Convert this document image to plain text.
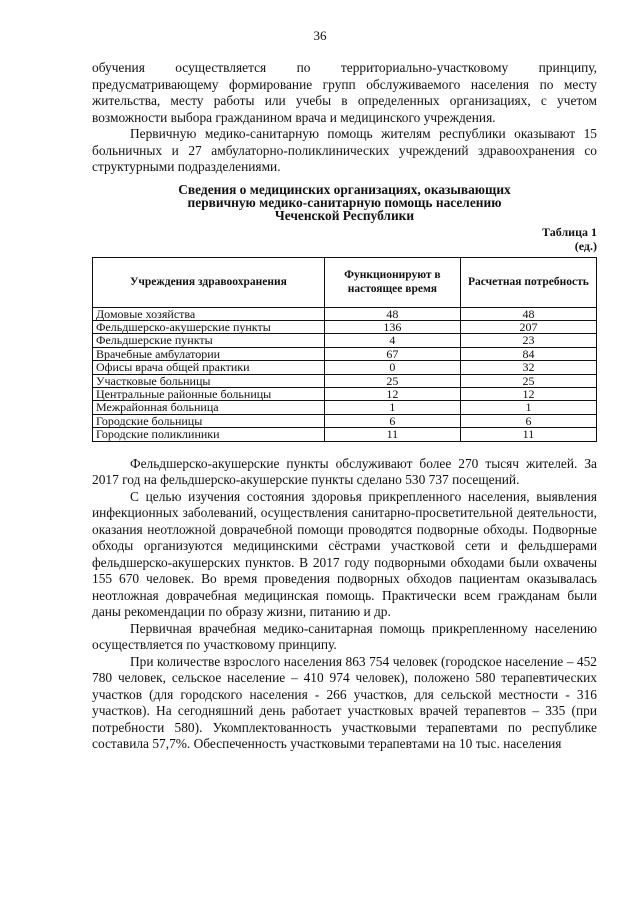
36

обучения осуществляется по территориально-участковому принципу, предусматривающему формирование групп обслуживаемого населения по месту жительства, месту работы или учебы в определенных организациях, с учетом возможности выбора гражданином врача и медицинского учреждения.

Первичную медико-санитарную помощь жителям республики оказывают 15 больничных и 27 амбулаторно-поликлинических учреждений здравоохранения со структурными подразделениями.

Сведения о медицинских организациях, оказывающих
первичную медико-санитарную помощь населению
Чеченской Республики
Таблица 1
(ед.)
Учреждения здравоохранения	Функционируют в настоящее время	Расчетная потребность
Домовые хозяйства	48	48
Фельдшерско-акушерские пункты	136	207
Фельдшерские пункты	4	23
Врачебные амбулатории	67	84
Офисы врача общей практики	0	32
Участковые больницы	25	25
Центральные районные больницы	12	12
Межрайонная больница	1	1
Городские больницы	6	6
Городские поликлиники	11	11

Фельдшерско-акушерские пункты обслуживают более 270 тысяч жителей. За 2017 год на фельдшерско-акушерские пункты сделано 530 737 посещений.

С целью изучения состояния здоровья прикрепленного населения, выявления инфекционных заболеваний, осуществления санитарно-просветительной деятельности, оказания неотложной доврачебной помощи проводятся подворные обходы. Подворные обходы организуются медицинскими сёстрами участковой сети и фельдшерами фельдшерско-акушерских пунктов. В 2017 году подворными обходами были охвачены 155 670 человек. Во время проведения подворных обходов пациентам оказывалась неотложная доврачебная медицинская помощь. Практически всем гражданам были даны рекомендации по образу жизни, питанию и др.

Первичная врачебная медико-санитарная помощь прикрепленному населению осуществляется по участковому принципу.

При количестве взрослого населения 863 754 человек (городское население – 452 780 человек, сельское население – 410 974 человек), положено 580 терапевтических участков (для городского населения - 266 участков, для сельской местности - 316 участков). На сегодняшний день работает участковых врачей терапевтов – 335 (при потребности 580). Укомплектованность участковыми терапевтами по республике составила 57,7%. Обеспеченность участковыми терапевтами на 10 тыс. населения
